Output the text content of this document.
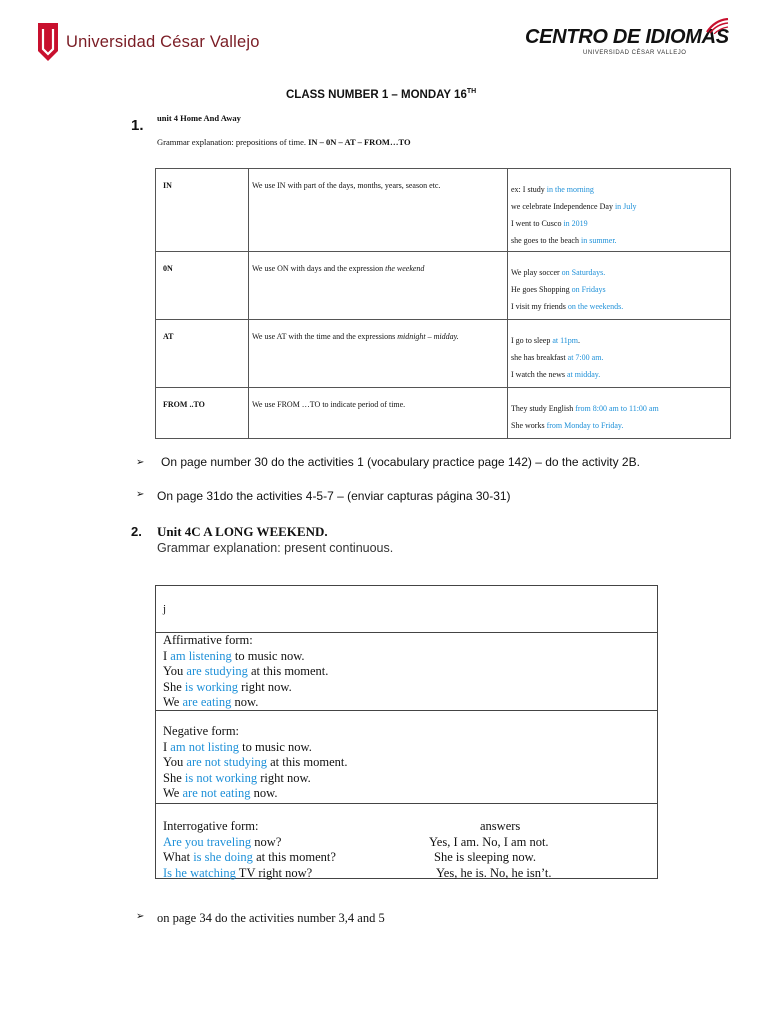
Universidad César Vallejo	CENTRO DE IDIOMAS
UNIVERSIDAD CÉSAR VALLEJO
CLASS NUMBER 1 – MONDAY 16TH
1. unit 4 Home And Away
Grammar explanation: prepositions of time. IN – 0N – AT – FROM…TO
IN	We use IN with part of the days, months, years, season etc.	ex: I study in the morning
we celebrate Independence Day in July
I went to Cusco in 2019
she goes to the beach in summer.

0N	We use ON with days and the expression the weekend	We play soccer on Saturdays.
He goes Shopping on Fridays
I visit my friends on the weekends.

AT	We use AT with the time and the expressions midnight – midday.	I go to sleep at 11pm.
she has breakfast at 7:00 am.
I watch the news at midday.

FROM ..TO	We use FROM …TO to indicate period of time.	They study English from 8:00 am to 11:00 am
She works from Monday to Friday.
➢	On page number 30 do the activities 1 (vocabulary practice page 142) – do the activity 2B.
➢ On page 31do the activities 4-5-7 – (enviar capturas página 30-31)
2. Unit 4C A LONG WEEKEND.
Grammar explanation: present continuous.
j
Affirmative form:
I am listening to music now.
You are studying at this moment.
She is working right now.
We are eating now.
Negative form:
I am not listing to music now.
You are not studying at this moment.
She is not working right now.
We are not eating now.
Interrogative form:	answers
Are you traveling now?	Yes, I am. No, I am not.
What is she doing at this moment?	She is sleeping now.
Is he watching TV right now?	Yes, he is. No, he isn’t.
➢ on page 34 do the activities number 3,4 and 5
